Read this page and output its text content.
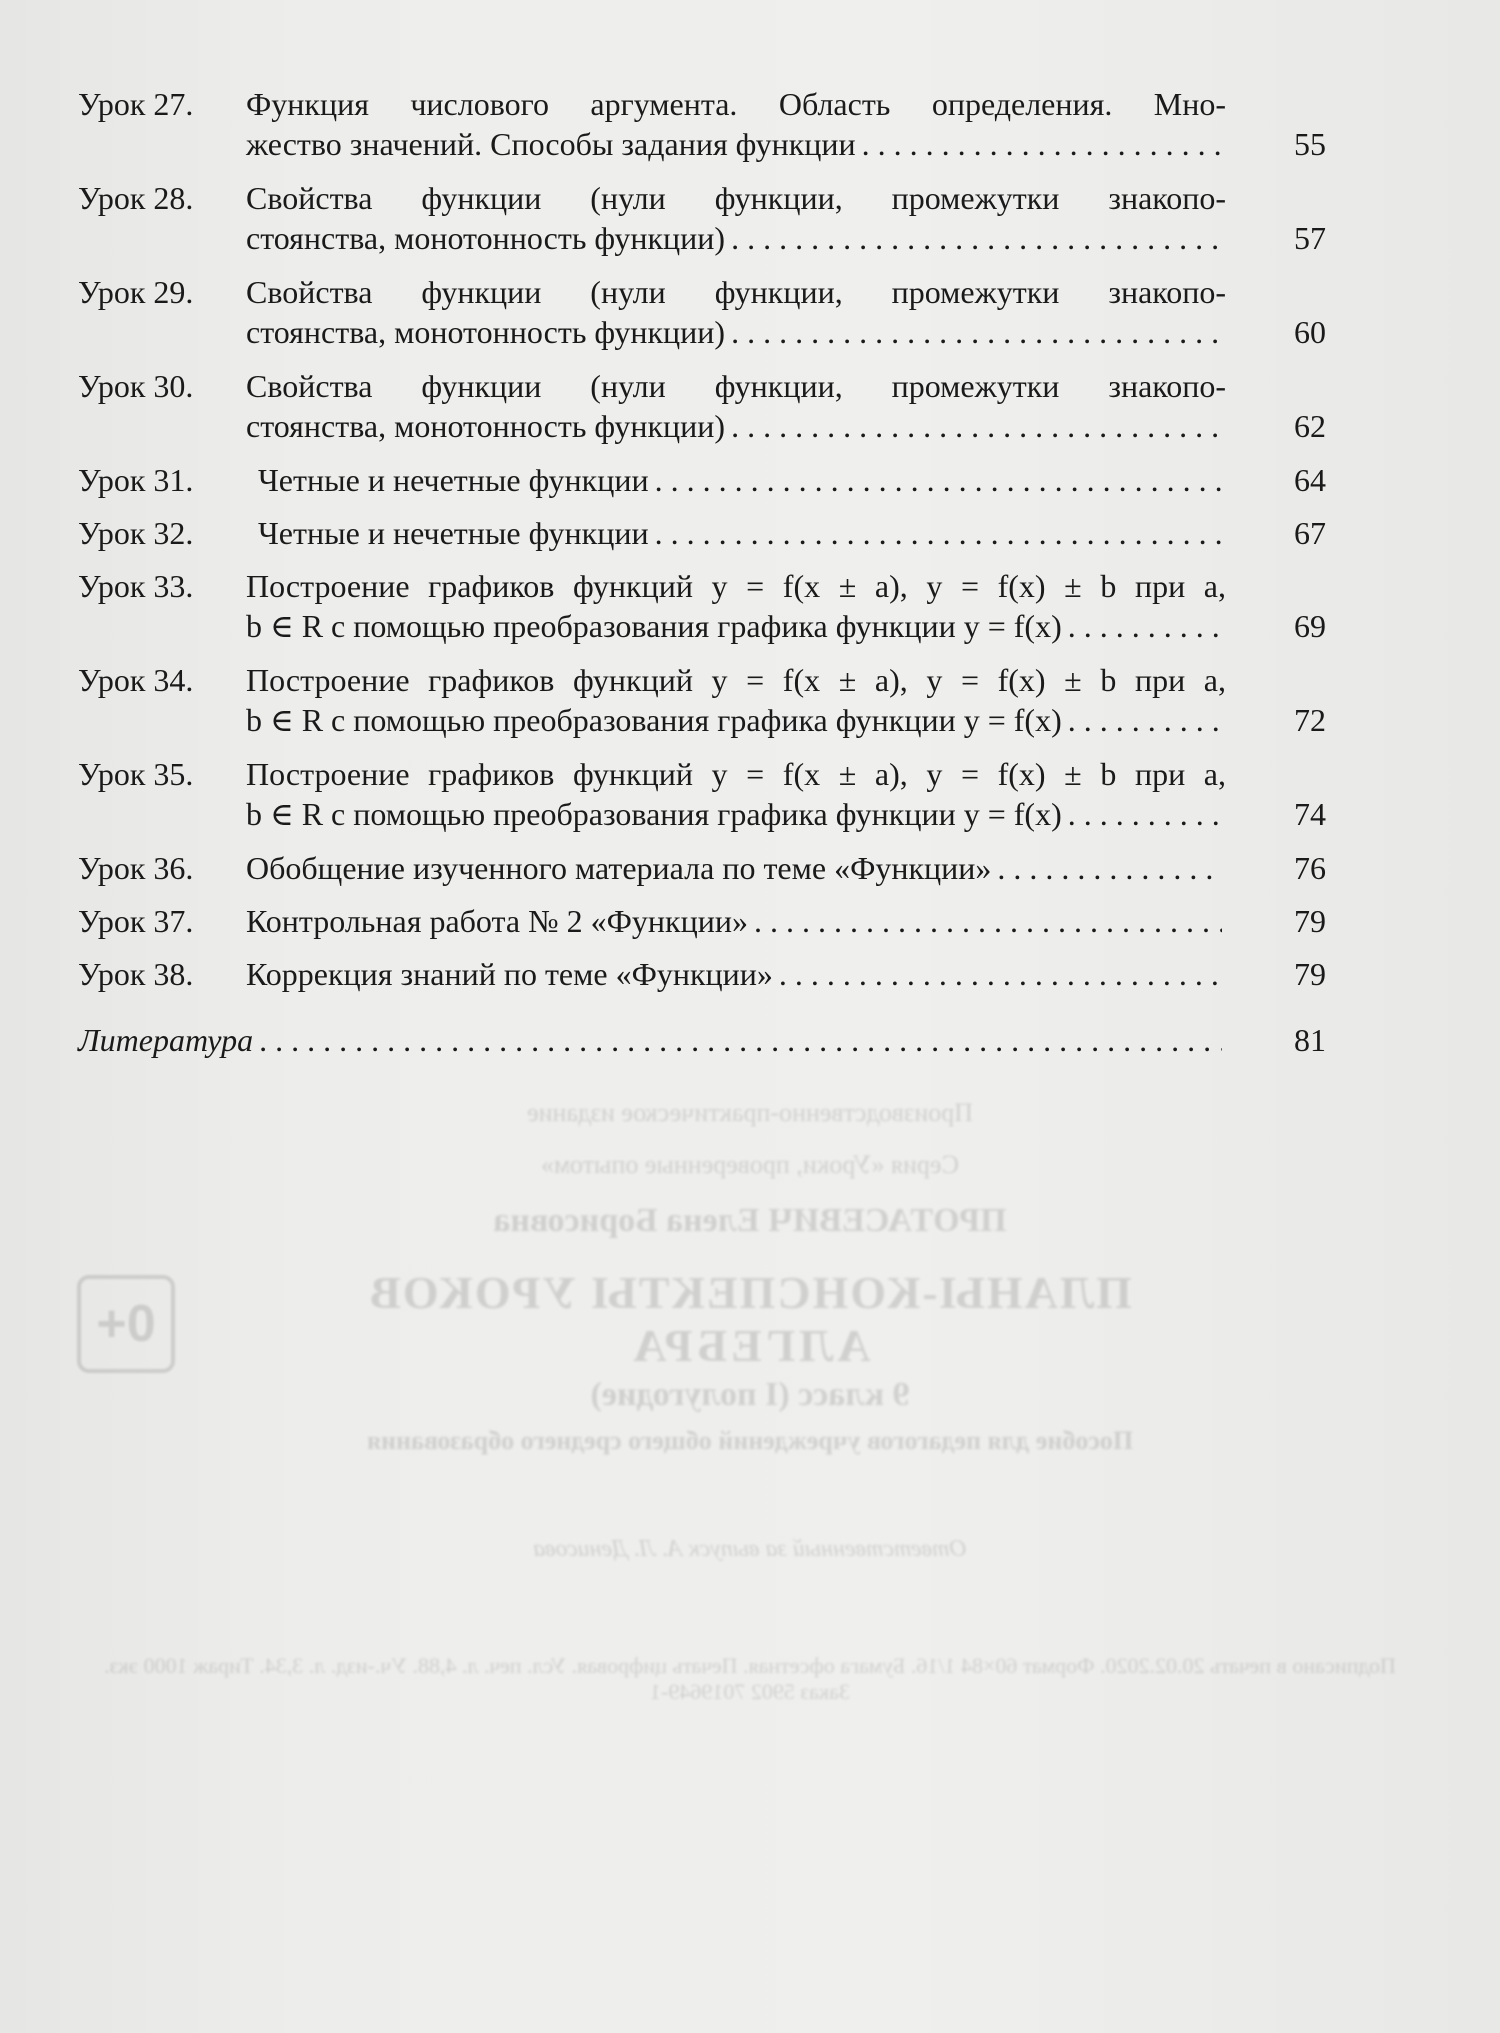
Урок 27.	Функция числового аргумента. Область определения. Мно-
жество значений. Способы задания функции . . .	55
Урок 28.	Свойства функции (нули функции, промежутки знакопо-
стоянства, монотонность функции) . . .	57
Урок 29.	Свойства функции (нули функции, промежутки знакопо-
стоянства, монотонность функции) . . .	60
Урок 30.	Свойства функции (нули функции, промежутки знакопо-
стоянства, монотонность функции) . . .	62
Урок 31.	Четные и нечетные функции . . .	64
Урок 32.	Четные и нечетные функции . . .	67
Урок 33.	Построение графиков функций y = f(x ± a), y = f(x) ± b при a,
b ∈ R с помощью преобразования графика функции y = f(x) . . .	69
Урок 34.	Построение графиков функций y = f(x ± a), y = f(x) ± b при a,
b ∈ R с помощью преобразования графика функции y = f(x) . . .	72
Урок 35.	Построение графиков функций y = f(x ± a), y = f(x) ± b при a,
b ∈ R с помощью преобразования графика функции y = f(x) . . .	74
Урок 36.	Обобщение изученного материала по теме «Функции» . . .	76
Урок 37.	Контрольная работа № 2 «Функции» . . .	79
Урок 38.	Коррекция знаний по теме «Функции» . . .	79
Литература . . .	81
Производственно-практическое издание
Серия «Уроки, проверенные опытом»
ПРОТАСЕВИЧ Елена Борисовна
ПЛАНЫ-КОНСПЕКТЫ УРОКОВ
АЛГЕБРА
9 класс (I полугодие)
Пособие для педагогов учреждений общего среднего образования
Ответственный за выпуск А. Л. Денисова
Подписано в печать 20.02.2020. Формат 60×84 1/16. Бумага офсетная. Печать цифровая. Усл. печ. л. 4,88. Уч.-изд. л. 3,34. Тираж 1000 экз. Заказ 5902 7019649-1
0+
